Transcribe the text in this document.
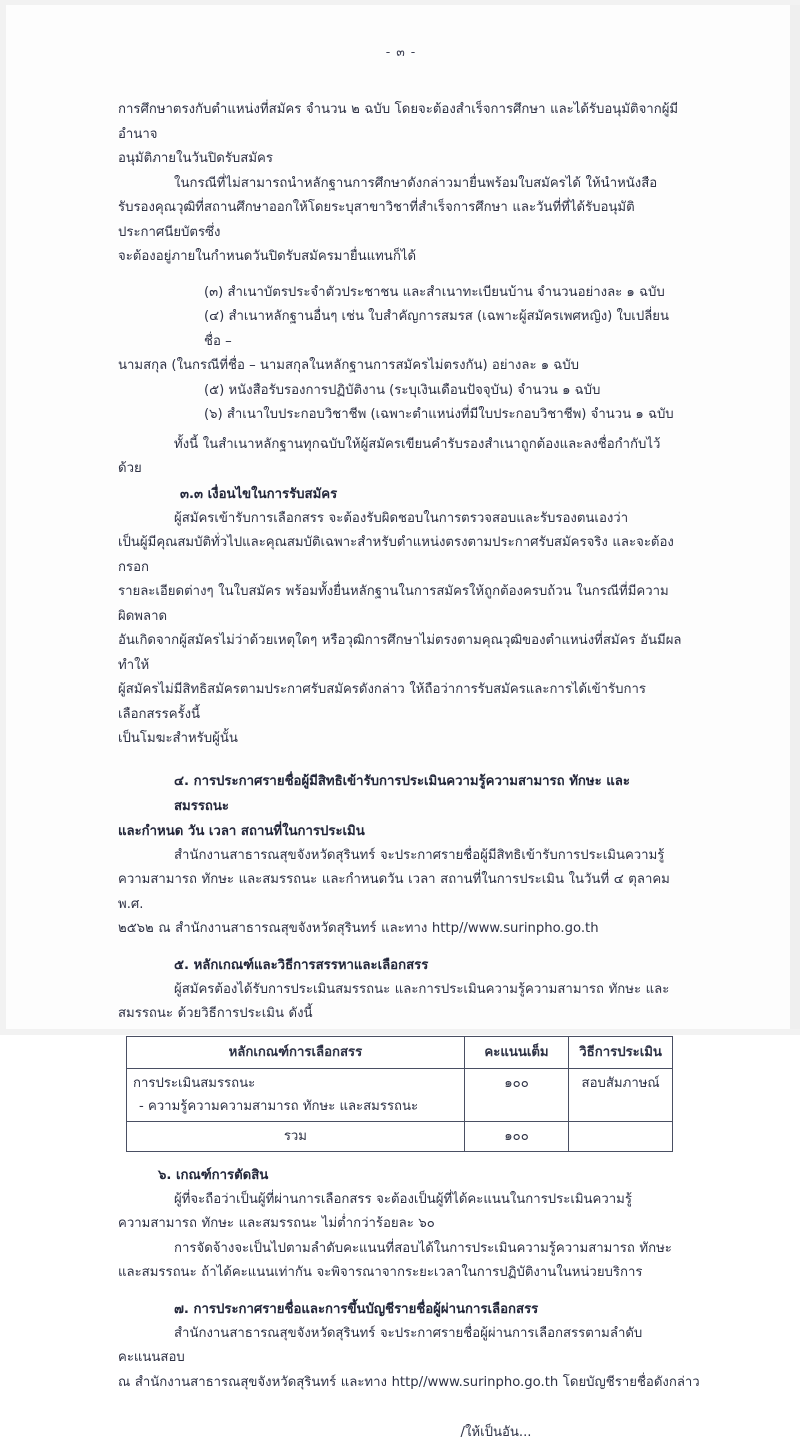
- ๓ -
การศึกษาตรงกับตำแหน่งที่สมัคร จำนวน ๒ ฉบับ โดยจะต้องสำเร็จการศึกษา และได้รับอนุมัติจากผู้มีอำนาจ
อนุมัติภายในวันปิดรับสมัคร
ในกรณีที่ไม่สามารถนำหลักฐานการศึกษาดังกล่าวมายื่นพร้อมใบสมัครได้ ให้นำหนังสือ
รับรองคุณวุฒิที่สถานศึกษาออกให้โดยระบุสาขาวิชาที่สำเร็จการศึกษา และวันที่ที่ได้รับอนุมัติประกาศนียบัตรซึ่ง
จะต้องอยู่ภายในกำหนดวันปิดรับสมัครมายื่นแทนก็ได้
(๓) สำเนาบัตรประจำตัวประชาชน และสำเนาทะเบียนบ้าน จำนวนอย่างละ ๑ ฉบับ
(๔) สำเนาหลักฐานอื่นๆ เช่น ใบสำคัญการสมรส (เฉพาะผู้สมัครเพศหญิง) ใบเปลี่ยนชื่อ –
นามสกุล (ในกรณีที่ชื่อ – นามสกุลในหลักฐานการสมัครไม่ตรงกัน) อย่างละ ๑ ฉบับ
(๕) หนังสือรับรองการปฏิบัติงาน (ระบุเงินเดือนปัจจุบัน) จำนวน ๑ ฉบับ
(๖) สำเนาใบประกอบวิชาชีพ (เฉพาะตำแหน่งที่มีใบประกอบวิชาชีพ) จำนวน ๑ ฉบับ
ทั้งนี้ ในสำเนาหลักฐานทุกฉบับให้ผู้สมัครเขียนคำรับรองสำเนาถูกต้องและลงชื่อกำกับไว้ด้วย
๓.๓ เงื่อนไขในการรับสมัคร
ผู้สมัครเข้ารับการเลือกสรร จะต้องรับผิดชอบในการตรวจสอบและรับรองตนเองว่า
เป็นผู้มีคุณสมบัติทั่วไปและคุณสมบัติเฉพาะสำหรับตำแหน่งตรงตามประกาศรับสมัครจริง และจะต้องกรอก
รายละเอียดต่างๆ ในใบสมัคร พร้อมทั้งยื่นหลักฐานในการสมัครให้ถูกต้องครบถ้วน ในกรณีที่มีความผิดพลาด
อันเกิดจากผู้สมัครไม่ว่าด้วยเหตุใดๆ หรือวุฒิการศึกษาไม่ตรงตามคุณวุฒิของตำแหน่งที่สมัคร อันมีผลทำให้
ผู้สมัครไม่มีสิทธิสมัครตามประกาศรับสมัครดังกล่าว ให้ถือว่าการรับสมัครและการได้เข้ารับการเลือกสรรครั้งนี้
เป็นโมฆะสำหรับผู้นั้น
๔. การประกาศรายชื่อผู้มีสิทธิเข้ารับการประเมินความรู้ความสามารถ ทักษะ และสมรรถนะ
และกำหนด วัน เวลา สถานที่ในการประเมิน
สำนักงานสาธารณสุขจังหวัดสุรินทร์ จะประกาศรายชื่อผู้มีสิทธิเข้ารับการประเมินความรู้
ความสามารถ ทักษะ และสมรรถนะ และกำหนดวัน เวลา สถานที่ในการประเมิน ในวันที่ ๔ ตุลาคม พ.ศ.
๒๕๖๒ ณ สำนักงานสาธารณสุขจังหวัดสุรินทร์ และทาง http//www.surinpho.go.th
๕. หลักเกณฑ์และวิธีการสรรหาและเลือกสรร
ผู้สมัครต้องได้รับการประเมินสมรรถนะ และการประเมินความรู้ความสามารถ ทักษะ และ
สมรรถนะ ด้วยวิธีการประเมิน ดังนี้
หลักเกณฑ์การเลือกสรร	คะแนนเต็ม	วิธีการประเมิน

การประเมินสมรรถนะ
- ความรู้ความความสามารถ ทักษะ และสมรรถนะ	๑๐๐	สอบสัมภาษณ์
รวม	๑๐๐	
๖. เกณฑ์การตัดสิน
ผู้ที่จะถือว่าเป็นผู้ที่ผ่านการเลือกสรร จะต้องเป็นผู้ที่ได้คะแนนในการประเมินความรู้
ความสามารถ ทักษะ และสมรรถนะ ไม่ต่ำกว่าร้อยละ ๖๐
การจัดจ้างจะเป็นไปตามลำดับคะแนนที่สอบได้ในการประเมินความรู้ความสามารถ ทักษะ
และสมรรถนะ ถ้าได้คะแนนเท่ากัน จะพิจารณาจากระยะเวลาในการปฏิบัติงานในหน่วยบริการ
๗. การประกาศรายชื่อและการขึ้นบัญชีรายชื่อผู้ผ่านการเลือกสรร
สำนักงานสาธารณสุขจังหวัดสุรินทร์ จะประกาศรายชื่อผู้ผ่านการเลือกสรรตามลำดับคะแนนสอบ
ณ สำนักงานสาธารณสุขจังหวัดสุรินทร์ และทาง http//www.surinpho.go.th โดยบัญชีรายชื่อดังกล่าว
/ให้เป็นอัน...
